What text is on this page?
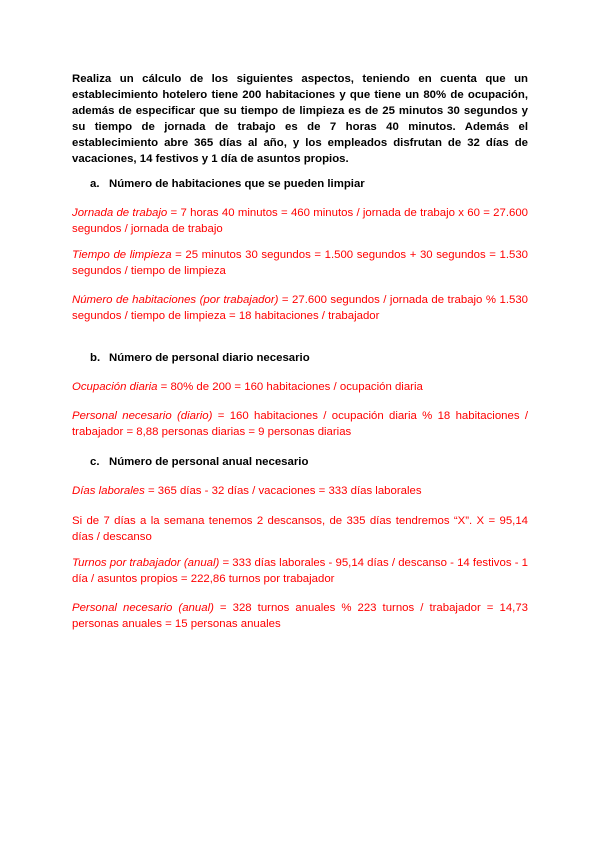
Realiza un cálculo de los siguientes aspectos, teniendo en cuenta que un establecimiento hotelero tiene 200 habitaciones y que tiene un 80% de ocupación, además de especificar que su tiempo de limpieza es de 25 minutos 30 segundos y su tiempo de jornada de trabajo es de 7 horas 40 minutos. Además el establecimiento abre 365 días al año, y los empleados disfrutan de 32 días de vacaciones, 14 festivos y 1 día de asuntos propios.

a. Número de habitaciones que se pueden limpiar

Jornada de trabajo = 7 horas 40 minutos = 460 minutos / jornada de trabajo x 60 = 27.600 segundos / jornada de trabajo

Tiempo de limpieza = 25 minutos 30 segundos = 1.500 segundos + 30 segundos = 1.530 segundos / tiempo de limpieza

Número de habitaciones (por trabajador) = 27.600 segundos / jornada de trabajo % 1.530 segundos / tiempo de limpieza = 18 habitaciones / trabajador

b. Número de personal diario necesario

Ocupación diaria = 80% de 200 = 160 habitaciones / ocupación diaria

Personal necesario (diario) = 160 habitaciones / ocupación diaria % 18 habitaciones / trabajador = 8,88 personas diarias = 9 personas diarias

c. Número de personal anual necesario

Días laborales = 365 días - 32 días / vacaciones = 333 días laborales

Si de 7 días a la semana tenemos 2 descansos, de 335 días tendremos “X”. X = 95,14 días / descanso

Turnos por trabajador (anual) = 333 días laborales - 95,14 días / descanso - 14 festivos - 1 día / asuntos propios = 222,86 turnos por trabajador

Personal necesario (anual) = 328 turnos anuales % 223 turnos / trabajador = 14,73 personas anuales = 15 personas anuales
